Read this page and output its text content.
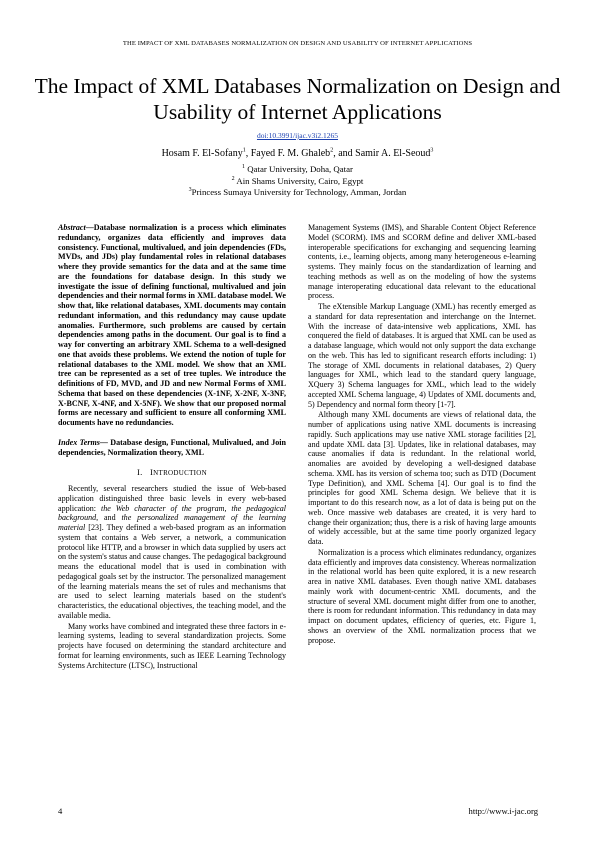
THE IMPACT OF XML DATABASES NORMALIZATION ON DESIGN AND USABILITY OF INTERNET APPLICATIONS
The Impact of XML Databases Normalization on Design and Usability of Internet Applications
doi:10.3991/ijac.v3i2.1265
Hosam F. El-Sofany$^1$, Fayed F. M. Ghaleb$^2$, and Samir A. El-Seoud$^3$
$^1$ Qatar University, Doha, Qatar
$^2$ Ain Shams University, Cairo, Egypt
$^3$Princess Sumaya University for Technology, Amman, Jordan

Abstract—Database normalization is a process which eliminates redundancy, organizes data efficiently and improves data consistency. Functional, multivalued, and join dependencies (FDs, MVDs, and JDs) play fundamental roles in relational databases where they provide semantics for the data and at the same time are the foundations for database design. In this study we investigate the issue of defining functional, multivalued and join dependencies and their normal forms in XML database model. We show that, like relational databases, XML documents may contain redundant information, and this redundancy may cause update anomalies. Furthermore, such problems are caused by certain dependencies among paths in the document. Our goal is to find a way for converting an arbitrary XML Schema to a well-designed one that avoids these problems. We extend the notion of tuple for relational databases to the XML model. We show that an XML tree can be represented as a set of tree tuples. We introduce the definitions of FD, MVD, and JD and new Normal Forms of XML Schema that based on these dependencies (X-1NF, X-2NF, X-3NF, X-BCNF, X-4NF, and X-5NF). We show that our proposed normal forms are necessary and sufficient to ensure all conforming XML documents have no redundancies.

Index Terms— Database design, Functional, Mulivalued, and Join dependencies, Normalization theory, XML

I. INTRODUCTION

Recently, several researchers studied the issue of Web-based application distinguished three basic levels in every web-based application: the Web character of the program, the pedagogical background, and the personalized management of the learning material [23]. They defined a web-based program as an information system that contains a Web server, a network, a communication protocol like HTTP, and a browser in which data supplied by users act on the system's status and cause changes. The pedagogical background means the educational model that is used in combination with pedagogical goals set by the instructor. The personalized management of the learning materials means the set of rules and mechanisms that are used to select learning materials based on the student's characteristics, the educational objectives, the teaching model, and the available media.

Many works have combined and integrated these three factors in e-learning systems, leading to several standardization projects. Some projects have focused on determining the standard architecture and format for learning environments, such as IEEE Learning Technology Systems Architecture (LTSC), Instructional

Management Systems (IMS), and Sharable Content Object Reference Model (SCORM). IMS and SCORM define and deliver XML-based interoperable specifications for exchanging and sequencing learning contents, i.e., learning objects, among many heterogeneous e-learning systems. They mainly focus on the standardization of learning and teaching methods as well as on the modeling of how the systems manage interoperating educational data relevant to the educational process.

The eXtensible Markup Language (XML) has recently emerged as a standard for data representation and interchange on the Internet. With the increase of data-intensive web applications, XML has conquered the field of databases. It is argued that XML can be used as a database language, which would not only support the data exchange on the web. This has led to significant research efforts including: 1) The storage of XML documents in relational databases, 2) Query languages for XML, which lead to the standard query language, XQuery 3) Schema languages for XML, which lead to the widely accepted XML Schema language, 4) Updates of XML documents and, 5) Dependency and normal form theory [1-7].

Although many XML documents are views of relational data, the number of applications using native XML documents is increasing rapidly. Such applications may use native XML storage facilities [2], and update XML data [3]. Updates, like in relational databases, may cause anomalies if data is redundant. In the relational world, anomalies are avoided by developing a well-designed database schema. XML has its version of schema too; such as DTD (Document Type Definition), and XML Schema [4]. Our goal is to find the principles for good XML Schema design. We believe that it is important to do this research now, as a lot of data is being put on the web. Once massive web databases are created, it is very hard to change their organization; thus, there is a risk of having large amounts of widely accessible, but at the same time poorly organized legacy data.

Normalization is a process which eliminates redundancy, organizes data efficiently and improves data consistency. Whereas normalization in the relational world has been quite explored, it is a new research area in native XML databases. Even though native XML databases mainly work with document-centric XML documents, and the structure of several XML document might differ from one to another, there is room for redundant information. This redundancy in data may impact on document updates, efficiency of queries, etc. Figure 1, shows an overview of the XML normalization process that we propose.

4	http://www.i-jac.org
